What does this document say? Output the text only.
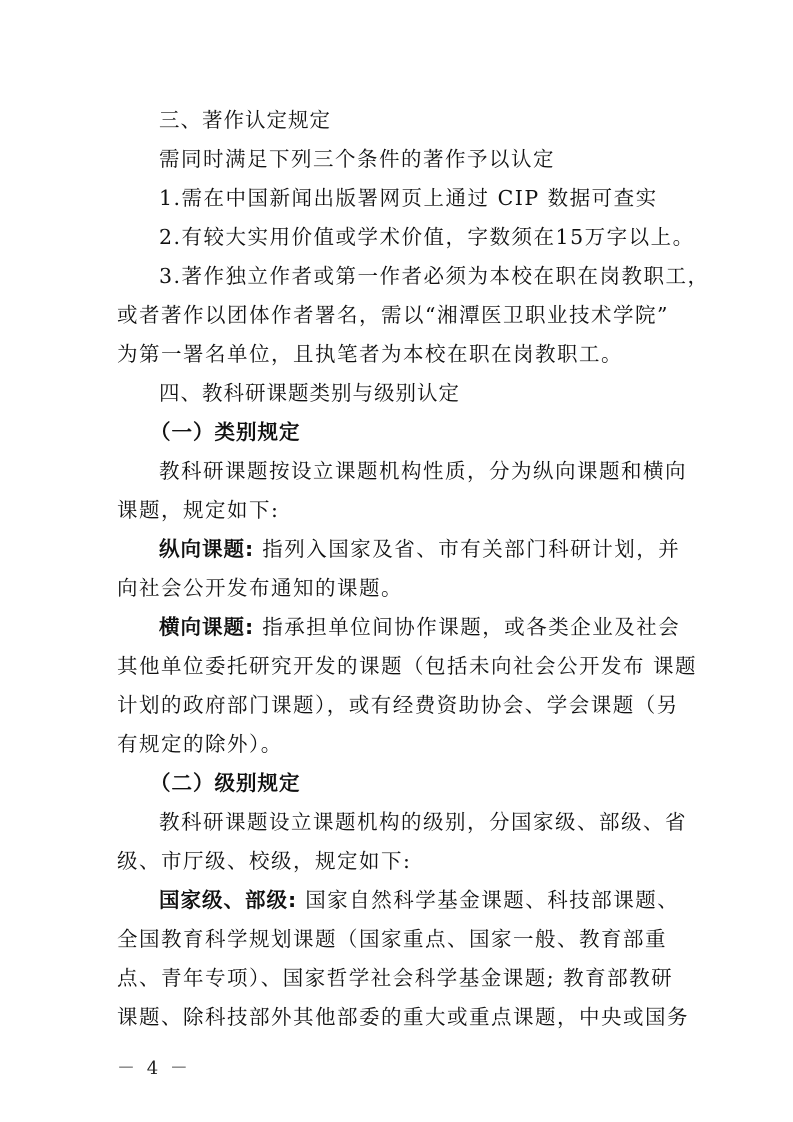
三、著作认定规定
需同时满足下列三个条件的著作予以认定
1.需在中国新闻出版署网页上通过 CIP 数据可查实
2.有较大实用价值或学术价值，字数须在15万字以上。
3.著作独立作者或第一作者必须为本校在职在岗教职工，
或者著作以团体作者署名，需以“湘潭医卫职业技术学院”
为第一署名单位，且执笔者为本校在职在岗教职工。
四、教科研课题类别与级别认定
（一）类别规定
教科研课题按设立课题机构性质，分为纵向课题和横向
课题，规定如下:
纵向课题: 指列入国家及省、市有关部门科研计划，并
向社会公开发布通知的课题。
横向课题: 指承担单位间协作课题，或各类企业及社会
其他单位委托研究开发的课题（包括未向社会公开发布 课题
计划的政府部门课题），或有经费资助协会、学会课题（另
有规定的除外）。
（二）级别规定
教科研课题设立课题机构的级别，分国家级、部级、省
级、市厅级、校级，规定如下:
国家级、部级: 国家自然科学基金课题、科技部课题、
全国教育科学规划课题（国家重点、国家一般、教育部重
点、青年专项）、国家哲学社会科学基金课题; 教育部教研
课题、除科技部外其他部委的重大或重点课题，中央或国务
－ 4 －
